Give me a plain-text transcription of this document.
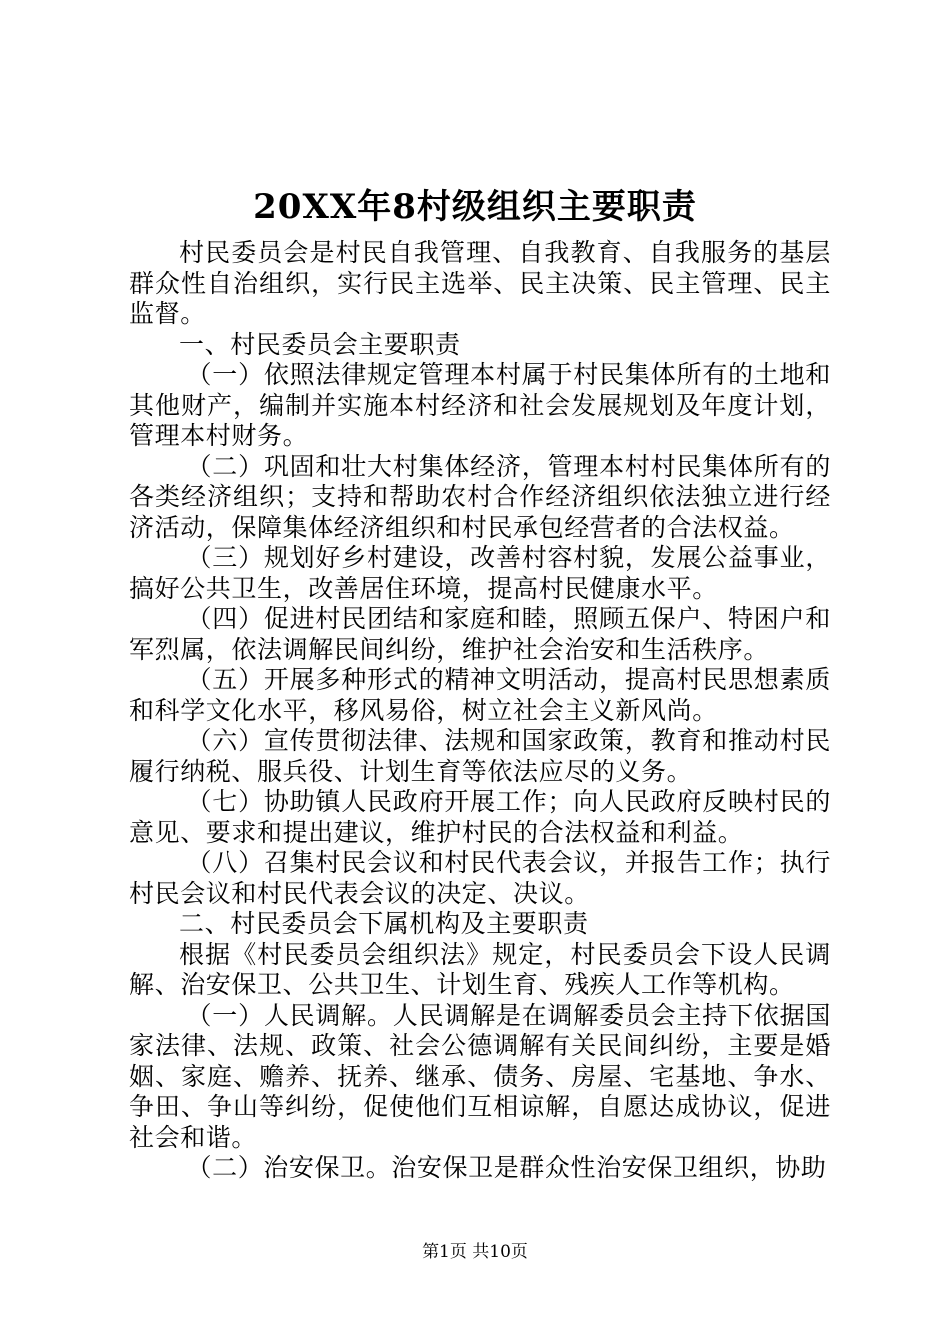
20XX年8村级组织主要职责

村民委员会是村民自我管理、自我教育、自我服务的基层群众性自治组织，实行民主选举、民主决策、民主管理、民主监督。

一、村民委员会主要职责

（一）依照法律规定管理本村属于村民集体所有的土地和其他财产，编制并实施本村经济和社会发展规划及年度计划，管理本村财务。

（二）巩固和壮大村集体经济，管理本村村民集体所有的各类经济组织；支持和帮助农村合作经济组织依法独立进行经济活动，保障集体经济组织和村民承包经营者的合法权益。

（三）规划好乡村建设，改善村容村貌，发展公益事业，搞好公共卫生，改善居住环境，提高村民健康水平。

（四）促进村民团结和家庭和睦，照顾五保户、特困户和军烈属，依法调解民间纠纷，维护社会治安和生活秩序。

（五）开展多种形式的精神文明活动，提高村民思想素质和科学文化水平，移风易俗，树立社会主义新风尚。

（六）宣传贯彻法律、法规和国家政策，教育和推动村民履行纳税、服兵役、计划生育等依法应尽的义务。

（七）协助镇人民政府开展工作；向人民政府反映村民的意见、要求和提出建议，维护村民的合法权益和利益。

（八）召集村民会议和村民代表会议，并报告工作；执行村民会议和村民代表会议的决定、决议。

二、村民委员会下属机构及主要职责

根据《村民委员会组织法》规定，村民委员会下设人民调解、治安保卫、公共卫生、计划生育、残疾人工作等机构。

（一）人民调解。人民调解是在调解委员会主持下依据国家法律、法规、政策、社会公德调解有关民间纠纷，主要是婚姻、家庭、赡养、抚养、继承、债务、房屋、宅基地、争水、争田、争山等纠纷，促使他们互相谅解，自愿达成协议，促进社会和谐。

（二）治安保卫。治安保卫是群众性治安保卫组织，协助

第1页 共10页
